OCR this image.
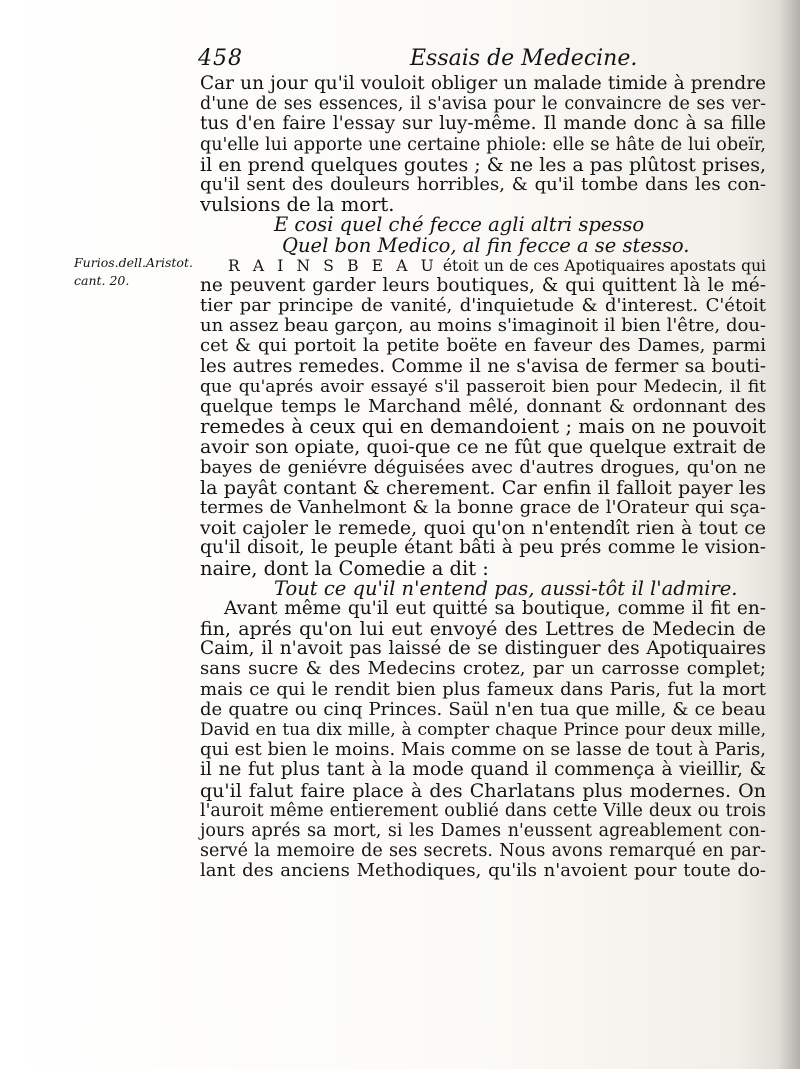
458	Essais de Medecine.
Furios.dell.Aristot.
cant. 20.
Car un jour qu'il vouloit obliger un malade timide à prendre
d'une de ses essences, il s'avisa pour le convaincre de ses ver-
tus d'en faire l'essay sur luy-même. Il mande donc à sa fille
qu'elle lui apporte une certaine phiole: elle se hâte de lui obeïr,
il en prend quelques goutes ; & ne les a pas plûtost prises,
qu'il sent des douleurs horribles, & qu'il tombe dans les con-
vulsions de la mort.
E cosi quel ché fecce agli altri spesso
Quel bon Medico, al fin fecce a se stesso.
R A I N S B E A U étoit un de ces Apotiquaires apostats qui
ne peuvent garder leurs boutiques, & qui quittent là le mé-
tier par principe de vanité, d'inquietude & d'interest. C'étoit
un assez beau garçon, au moins s'imaginoit il bien l'être, dou-
cet & qui portoit la petite boëte en faveur des Dames, parmi
les autres remedes. Comme il ne s'avisa de fermer sa bouti-
que qu'aprés avoir essayé s'il passeroit bien pour Medecin, il fit
quelque temps le Marchand mêlé, donnant & ordonnant des
remedes à ceux qui en demandoient ; mais on ne pouvoit
avoir son opiate, quoi-que ce ne fût que quelque extrait de
bayes de geniévre déguisées avec d'autres drogues, qu'on ne
la payât contant & cherement. Car enfin il falloit payer les
termes de Vanhelmont & la bonne grace de l'Orateur qui sça-
voit cajoler le remede, quoi qu'on n'entendît rien à tout ce
qu'il disoit, le peuple étant bâti à peu prés comme le vision-
naire, dont la Comedie a dit :
Tout ce qu'il n'entend pas, aussi-tôt il l'admire.
Avant même qu'il eut quitté sa boutique, comme il fit en-
fin, aprés qu'on lui eut envoyé des Lettres de Medecin de
Caim, il n'avoit pas laissé de se distinguer des Apotiquaires
sans sucre & des Medecins crotez, par un carrosse complet;
mais ce qui le rendit bien plus fameux dans Paris, fut la mort
de quatre ou cinq Princes. Saül n'en tua que mille, & ce beau
David en tua dix mille, à compter chaque Prince pour deux mille,
qui est bien le moins. Mais comme on se lasse de tout à Paris,
il ne fut plus tant à la mode quand il commença à vieillir, &
qu'il falut faire place à des Charlatans plus modernes. On
l'auroit même entierement oublié dans cette Ville deux ou trois
jours aprés sa mort, si les Dames n'eussent agreablement con-
servé la memoire de ses secrets. Nous avons remarqué en par-
lant des anciens Methodiques, qu'ils n'avoient pour toute do-
